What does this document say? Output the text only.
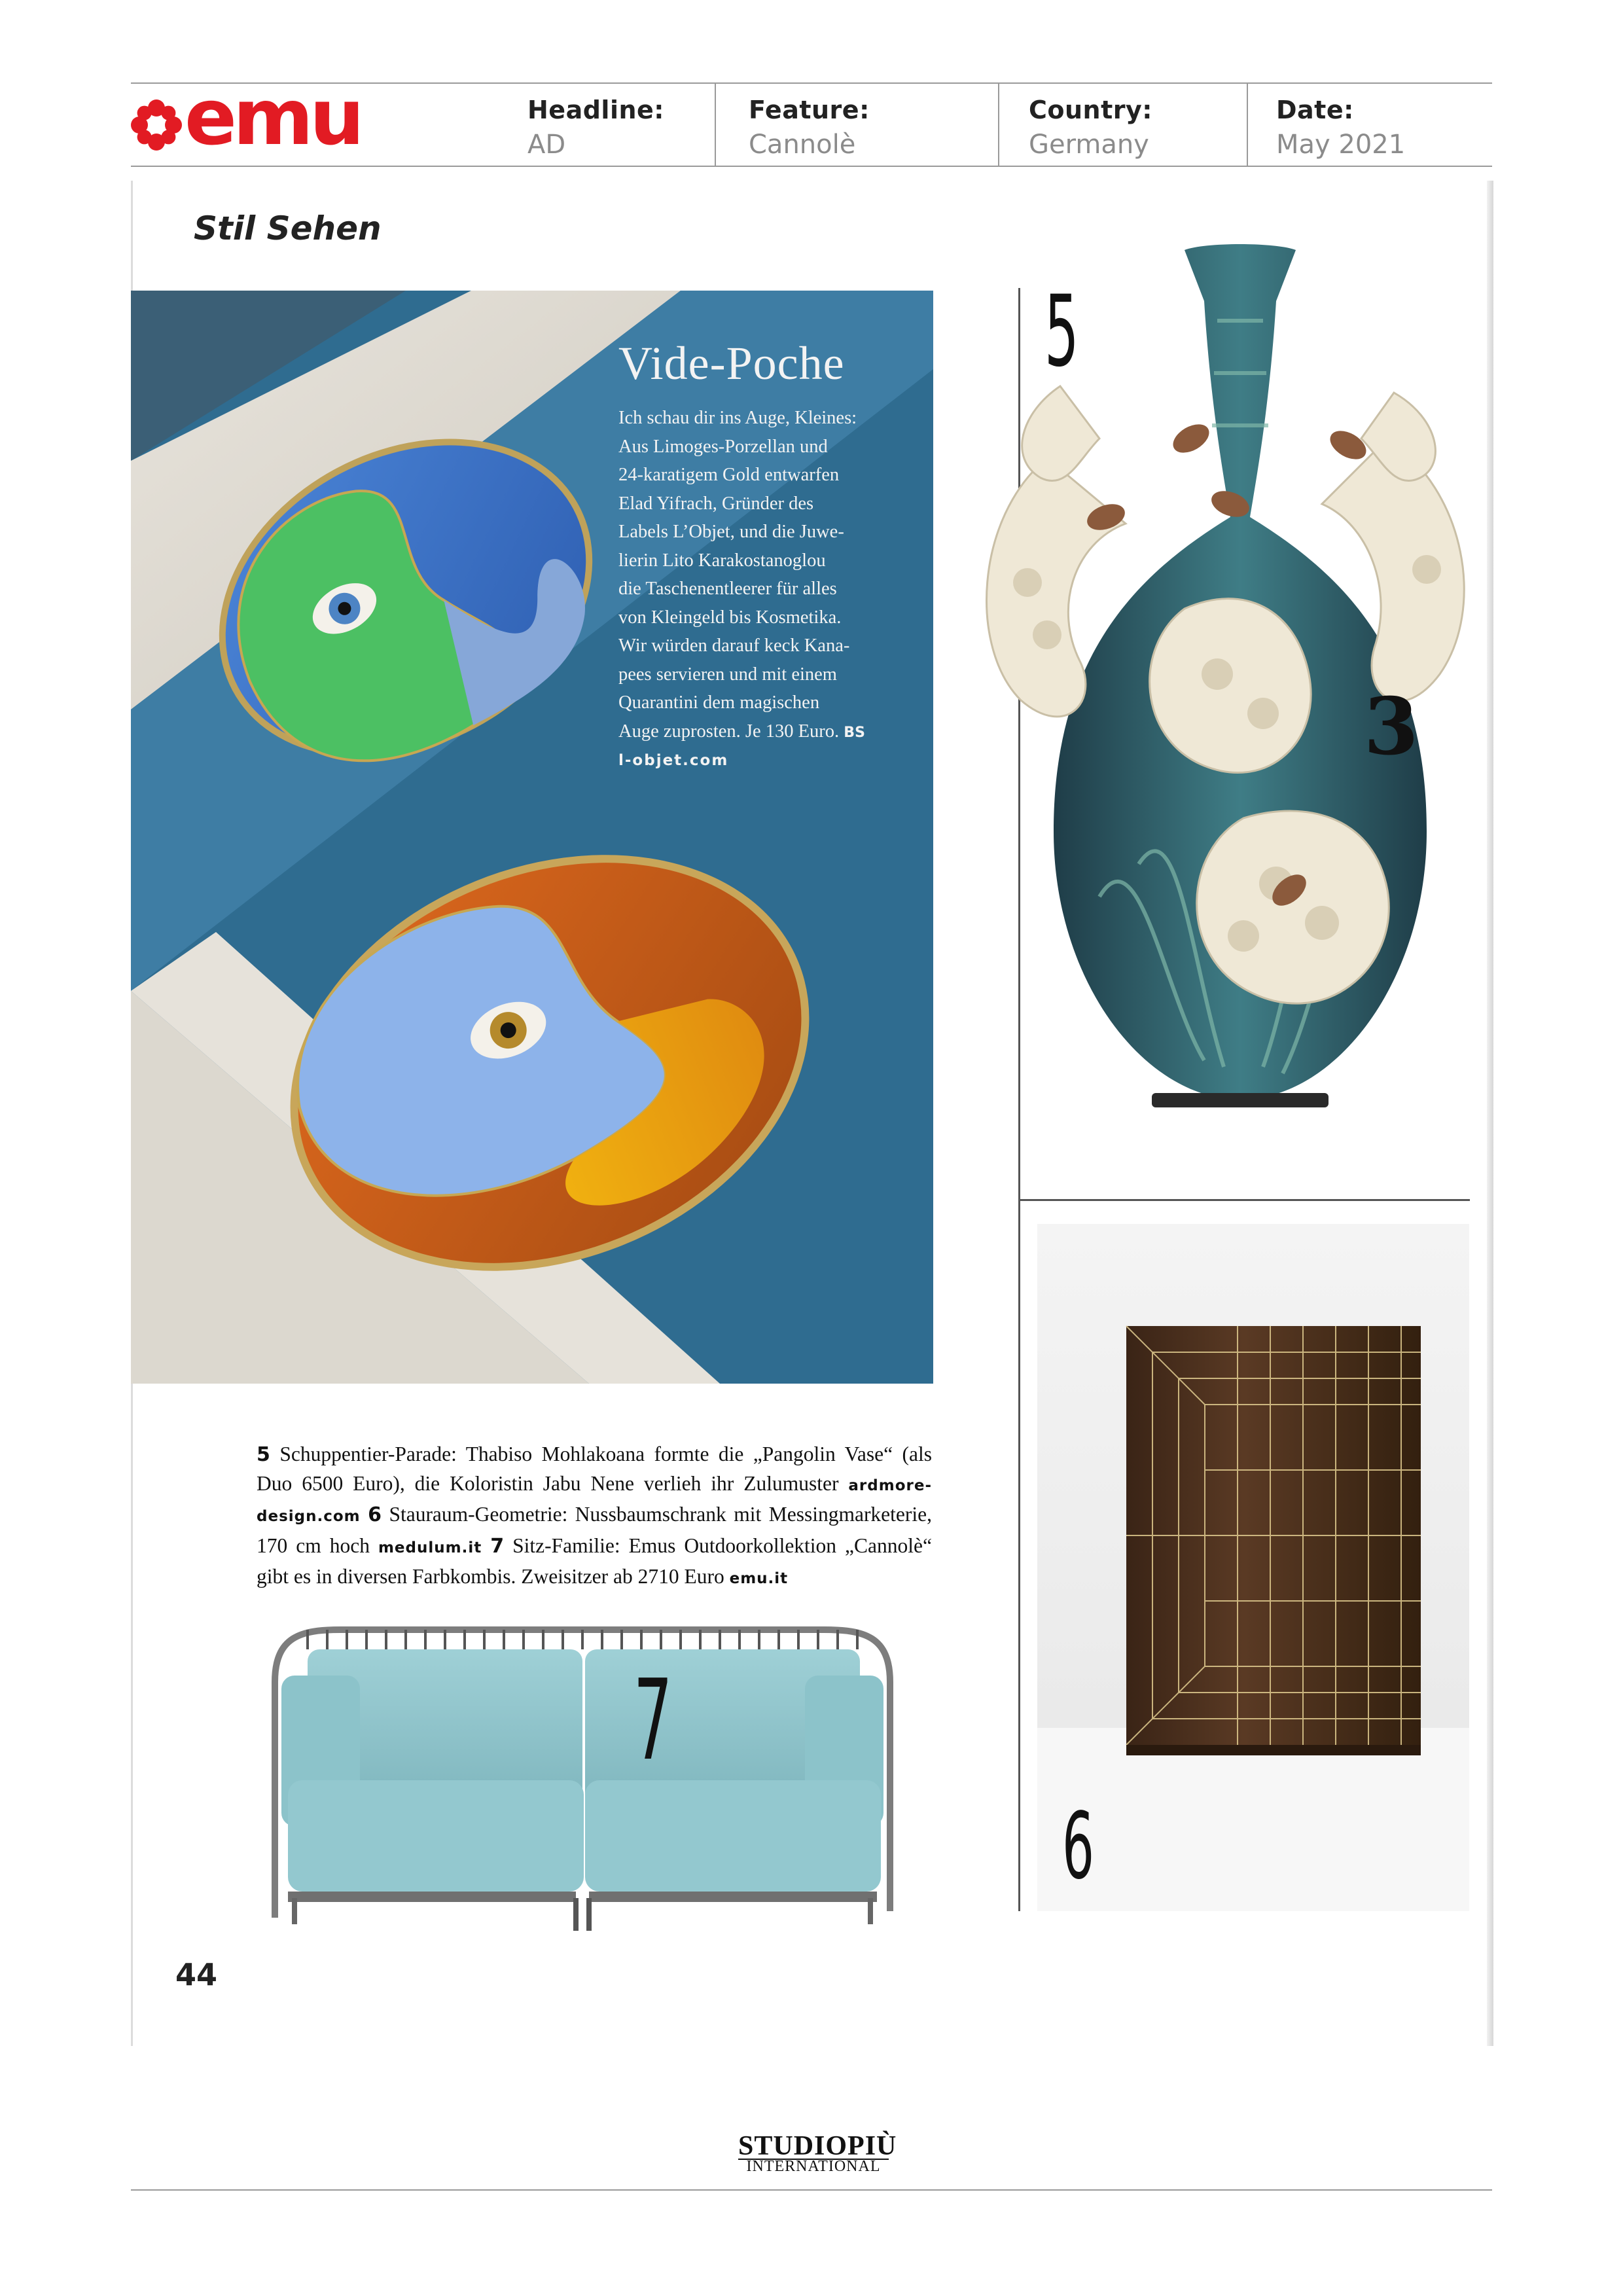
emu	Headline:
AD
Feature:
Cannolè
Country:
Germany
Date:
May 2021
Stil Sehen
Vide-Poche
Ich schau dir ins Auge, Kleines:
Aus Limoges-Porzellan und
24-karatigem Gold entwarfen
Elad Yifrach, Gründer des
Labels L’Objet, und die Juwe-
lierin Lito Karakostanoglou
die Taschenentleerer für alles
von Kleingeld bis Kosmetika.
Wir würden darauf keck Kana-
pees servieren und mit einem
Quarantini dem magischen
Auge zuprosten. Je 130 Euro. BS
l-objet.com
5
3
6
5 Schuppentier-Parade: Thabiso Mohlakoana formte die „Pangolin Vase“ (als Duo 6500 Euro), die Koloristin Jabu Nene verlieh ihr Zulumuster ardmore-design.com 6 Stauraum-Geometrie: Nussbaumschrank mit Messingmarketerie, 170 cm hoch medulum.it 7 Sitz-Familie: Emus Outdoorkollektion „Cannolè“ gibt es in diversen Farbkombis. Zweisitzer ab 2710 Euro emu.it
7
44
STUDIOPIÙ
INTERNATIONAL
